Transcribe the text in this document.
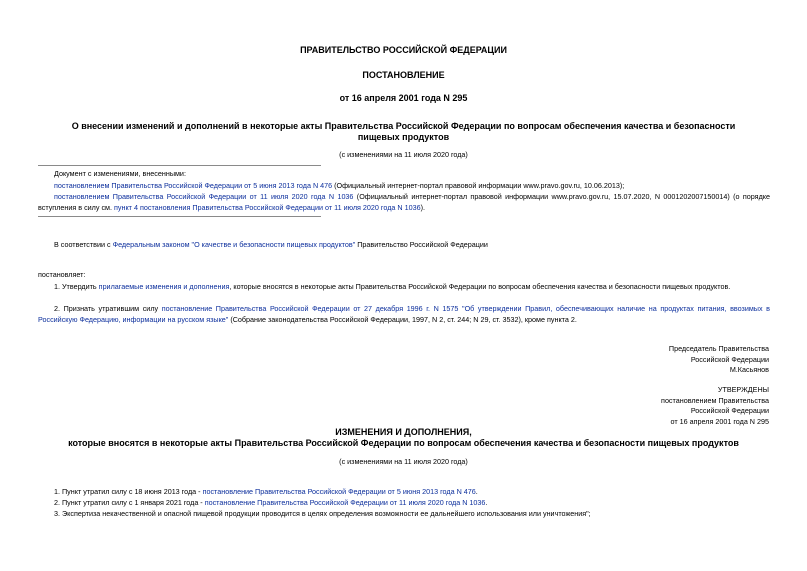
ПРАВИТЕЛЬСТВО РОССИЙСКОЙ ФЕДЕРАЦИИ
ПОСТАНОВЛЕНИЕ
от 16 апреля 2001 года N 295
О внесении изменений и дополнений в некоторые акты Правительства Российской Федерации по вопросам обеспечения качества и безопасности пищевых продуктов
(с изменениями на 11 июля 2020 года)
Документ с изменениями, внесенными:
постановлением Правительства Российской Федерации от 5 июня 2013 года N 476 (Официальный интернет-портал правовой информации www.pravo.gov.ru, 10.06.2013);
постановлением Правительства Российской Федерации от 11 июля 2020 года N 1036 (Официальный интернет-портал правовой информации www.pravo.gov.ru, 15.07.2020, N 0001202007150014) (о порядке вступления в силу см. пункт 4 постановления Правительства Российской Федерации от 11 июля 2020 года N 1036).
В соответствии с Федеральным законом "О качестве и безопасности пищевых продуктов" Правительство Российской Федерации
постановляет:
1. Утвердить прилагаемые изменения и дополнения, которые вносятся в некоторые акты Правительства Российской Федерации по вопросам обеспечения качества и безопасности пищевых продуктов.
2. Признать утратившим силу постановление Правительства Российской Федерации от 27 декабря 1996 г. N 1575 "Об утверждении Правил, обеспечивающих наличие на продуктах питания, ввозимых в Российскую Федерацию, информации на русском языке" (Собрание законодательства Российской Федерации, 1997, N 2, ст. 244; N 29, ст. 3532), кроме пункта 2.
Председатель Правительства
Российской Федерации
М.Касьянов
УТВЕРЖДЕНЫ
постановлением Правительства
Российской Федерации
от 16 апреля 2001 года N 295
ИЗМЕНЕНИЯ И ДОПОЛНЕНИЯ,
которые вносятся в некоторые акты Правительства Российской Федерации по вопросам обеспечения качества и безопасности пищевых продуктов
(с изменениями на 11 июля 2020 года)
1. Пункт утратил силу с 18 июня 2013 года - постановление Правительства Российской Федерации от 5 июня 2013 года N 476.
2. Пункт утратил силу с 1 января 2021 года - постановление Правительства Российской Федерации от 11 июля 2020 года N 1036.
3. Экспертиза некачественной и опасной пищевой продукции проводится в целях определения возможности ее дальнейшего использования или уничтожения";
